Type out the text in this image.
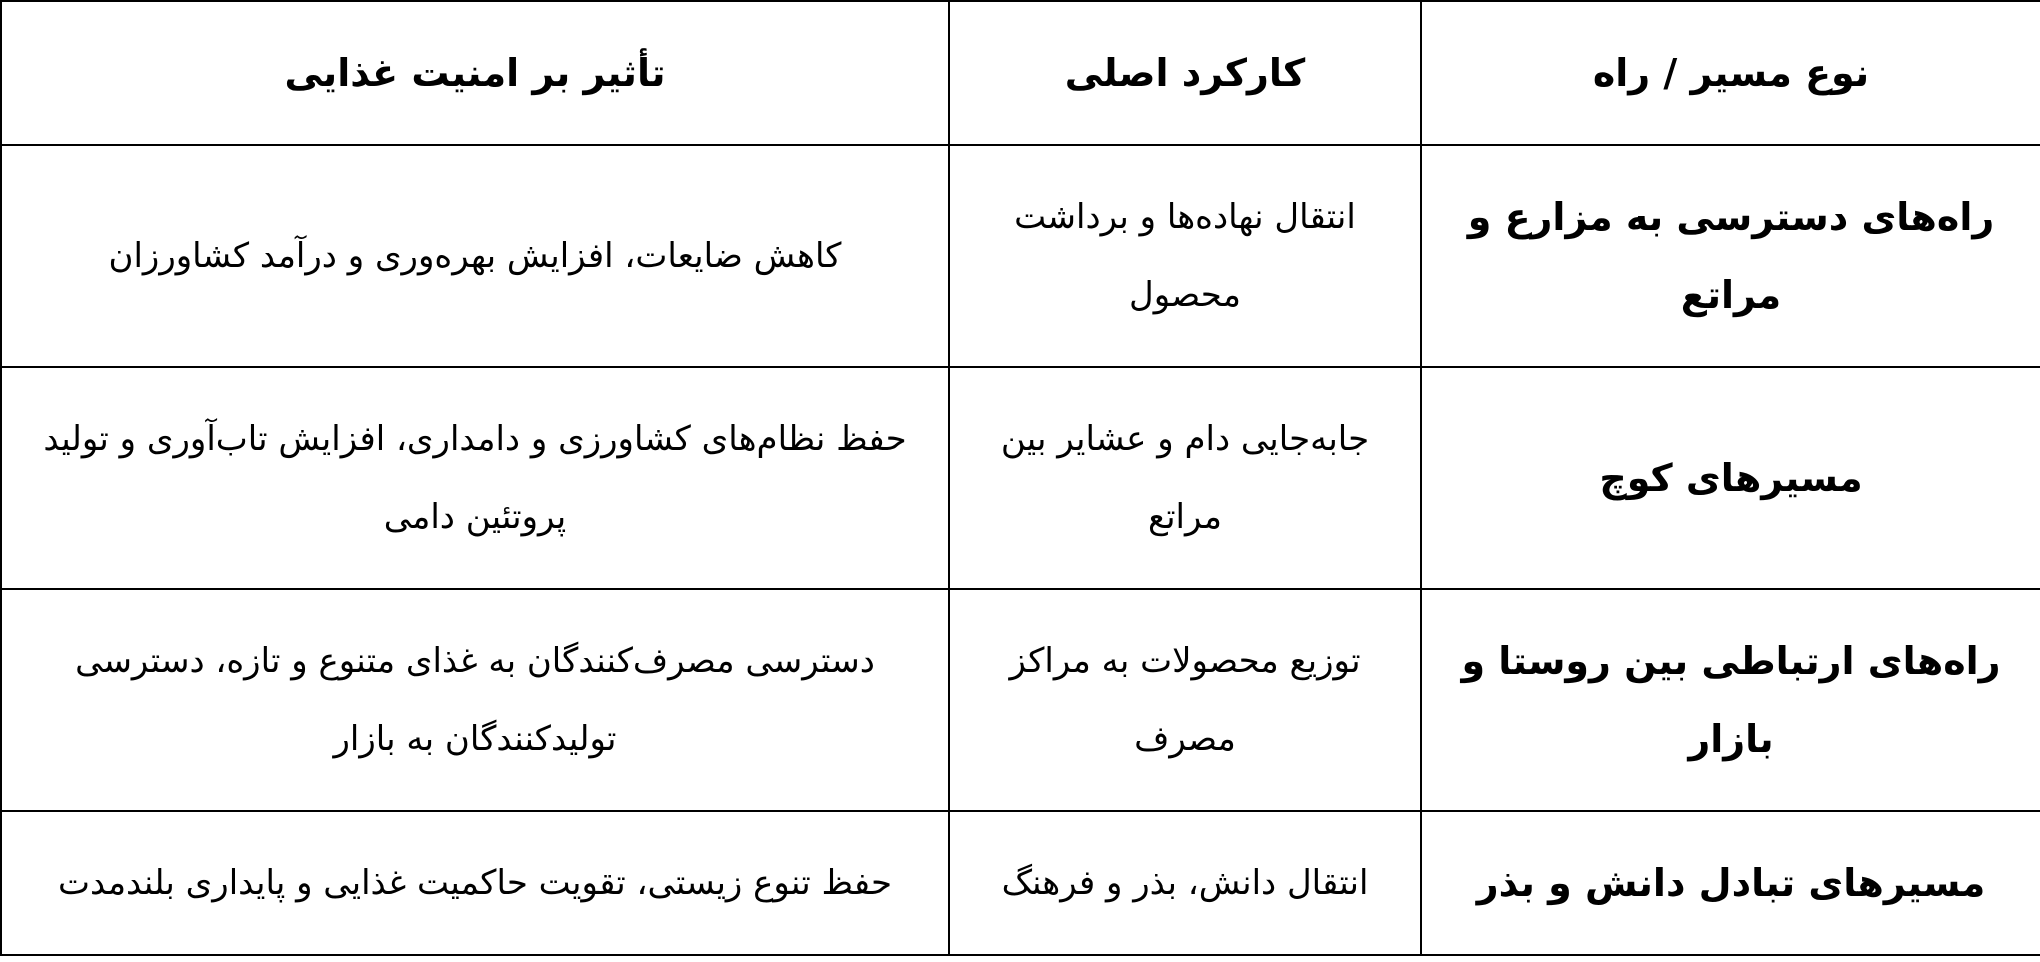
نوع مسیر / راه	کارکرد اصلی	تأثیر بر امنیت غذایی
راه‌های دسترسی به مزارع و مراتع	انتقال نهاده‌ها و برداشت محصول	کاهش ضایعات، افزایش بهره‌وری و درآمد کشاورزان
مسیرهای کوچ	جابه‌جایی دام و عشایر بین مراتع	حفظ نظام‌های کشاورزی و دامداری، افزایش تاب‌آوری و تولید پروتئین دامی
راه‌های ارتباطی بین روستا و بازار	توزیع محصولات به مراکز مصرف	دسترسی مصرف‌کنندگان به غذای متنوع و تازه، دسترسی تولیدکنندگان به بازار
مسیرهای تبادل دانش و بذر	انتقال دانش، بذر و فرهنگ	حفظ تنوع زیستی، تقویت حاکمیت غذایی و پایداری بلندمدت
